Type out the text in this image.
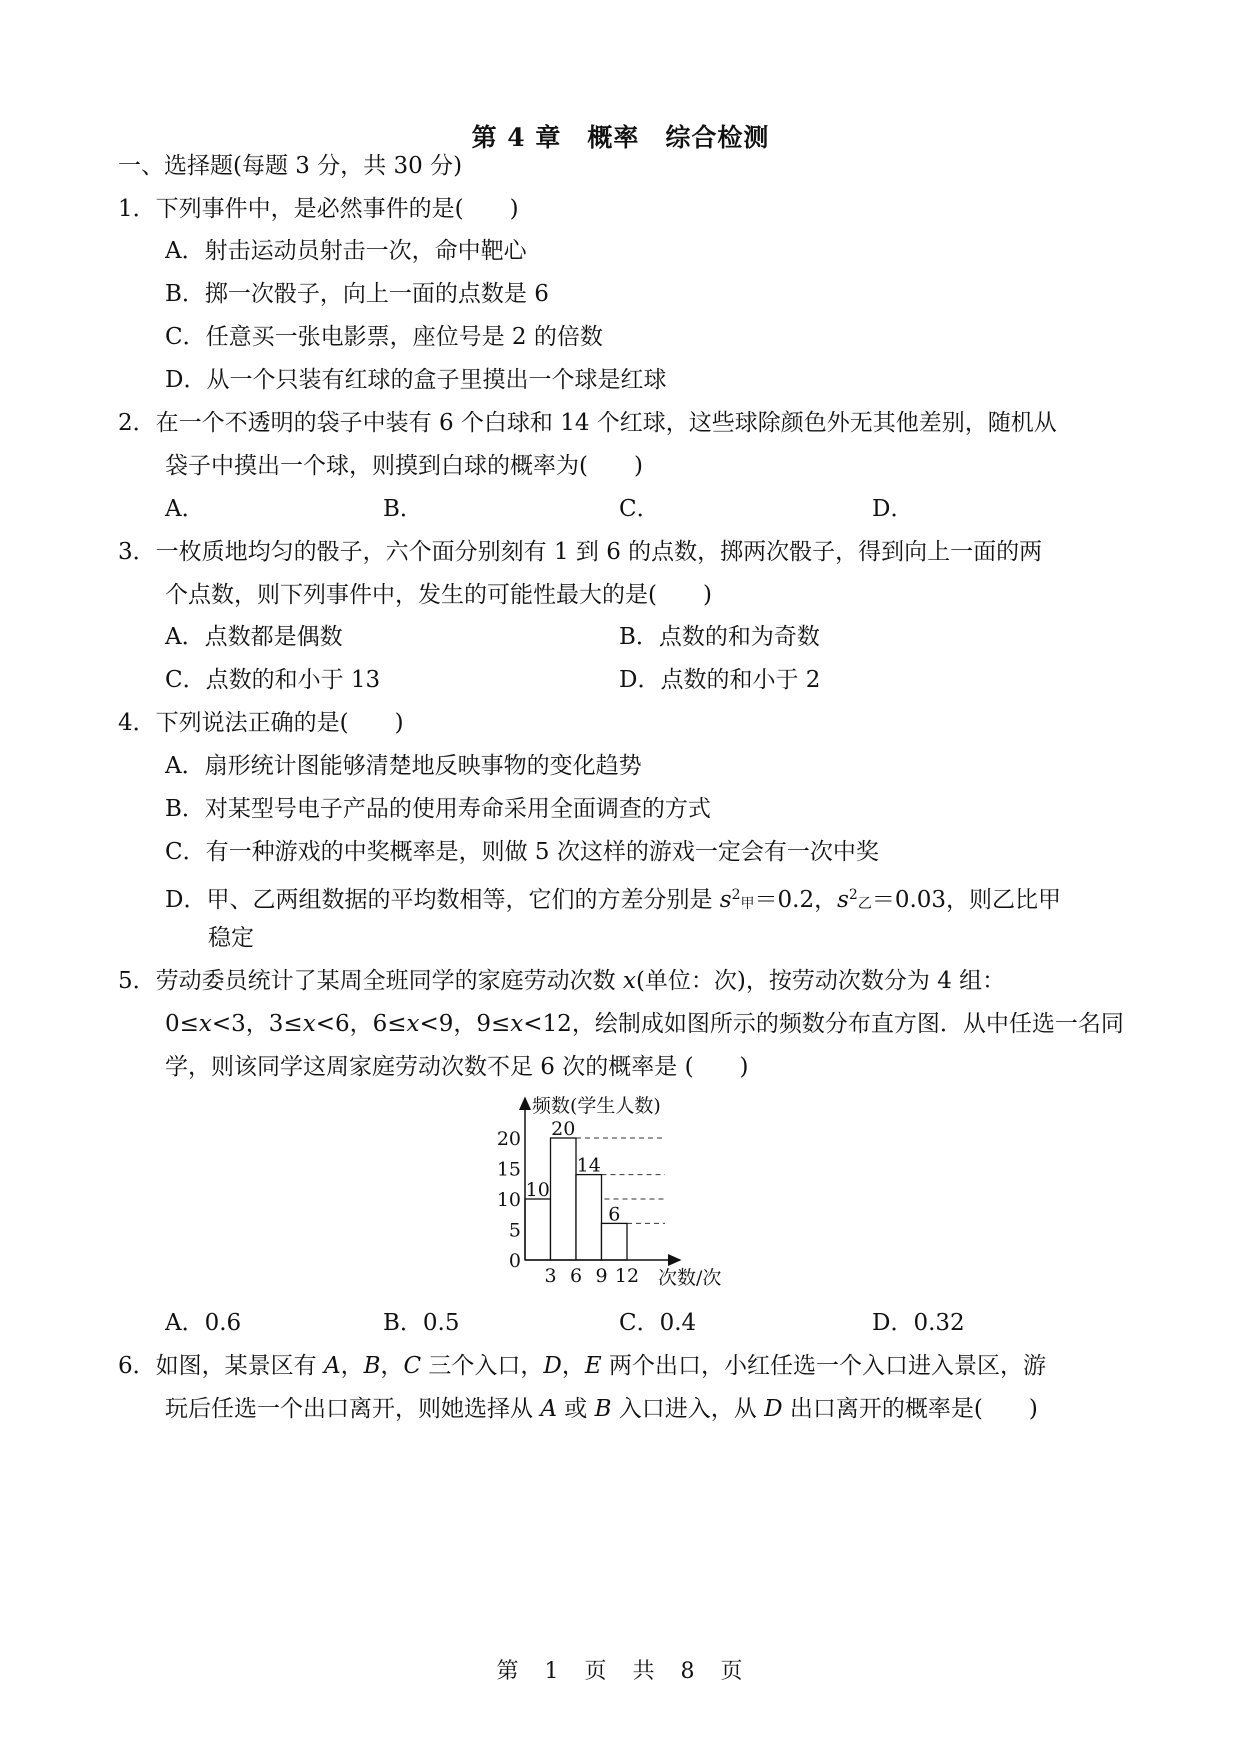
第 4 章　概率　综合检测
一、选择题(每题 3 分，共 30 分)
1．下列事件中，是必然事件的是(　　)
A．射击运动员射击一次，命中靶心
B．掷一次骰子，向上一面的点数是 6
C．任意买一张电影票，座位号是 2 的倍数
D．从一个只装有红球的盒子里摸出一个球是红球
2．在一个不透明的袋子中装有 6 个白球和 14 个红球，这些球除颜色外无其他差别，随机从
袋子中摸出一个球，则摸到白球的概率为(　　)
A．	B．	C．	D．
3．一枚质地均匀的骰子，六个面分别刻有 1 到 6 的点数，掷两次骰子，得到向上一面的两
个点数，则下列事件中，发生的可能性最大的是(　　)
A．点数都是偶数	B．点数的和为奇数
C．点数的和小于 13	D．点数的和小于 2
4．下列说法正确的是(　　)
A．扇形统计图能够清楚地反映事物的变化趋势
B．对某型号电子产品的使用寿命采用全面调查的方式
C．有一种游戏的中奖概率是，则做 5 次这样的游戏一定会有一次中奖
D．甲、乙两组数据的平均数相等，它们的方差分别是 $s^2_甲=0.2$，$s^2_乙=0.03$，则乙比甲
稳定
5．劳动委员统计了某周全班同学的家庭劳动次数 x(单位：次)，按劳动次数分为 4 组：
0≤x<3，3≤x<6，6≤x<9，9≤x<12，绘制成如图所示的频数分布直方图．从中任选一名同
学，则该同学这周家庭劳动次数不足 6 次的概率是 (　　)
0
5
10
15
20
3 6 9 12
10
20
14
6
频数(学生人数)
次数/次
A．0.6	B．0.5	C．0.4	D．0.32
6．如图，某景区有 A，B，C 三个入口，D，E 两个出口，小红任选一个入口进入景区，游
玩后任选一个出口离开，则她选择从 A 或 B 入口进入，从 D 出口离开的概率是(　　)
第　1　页　共　8　页
